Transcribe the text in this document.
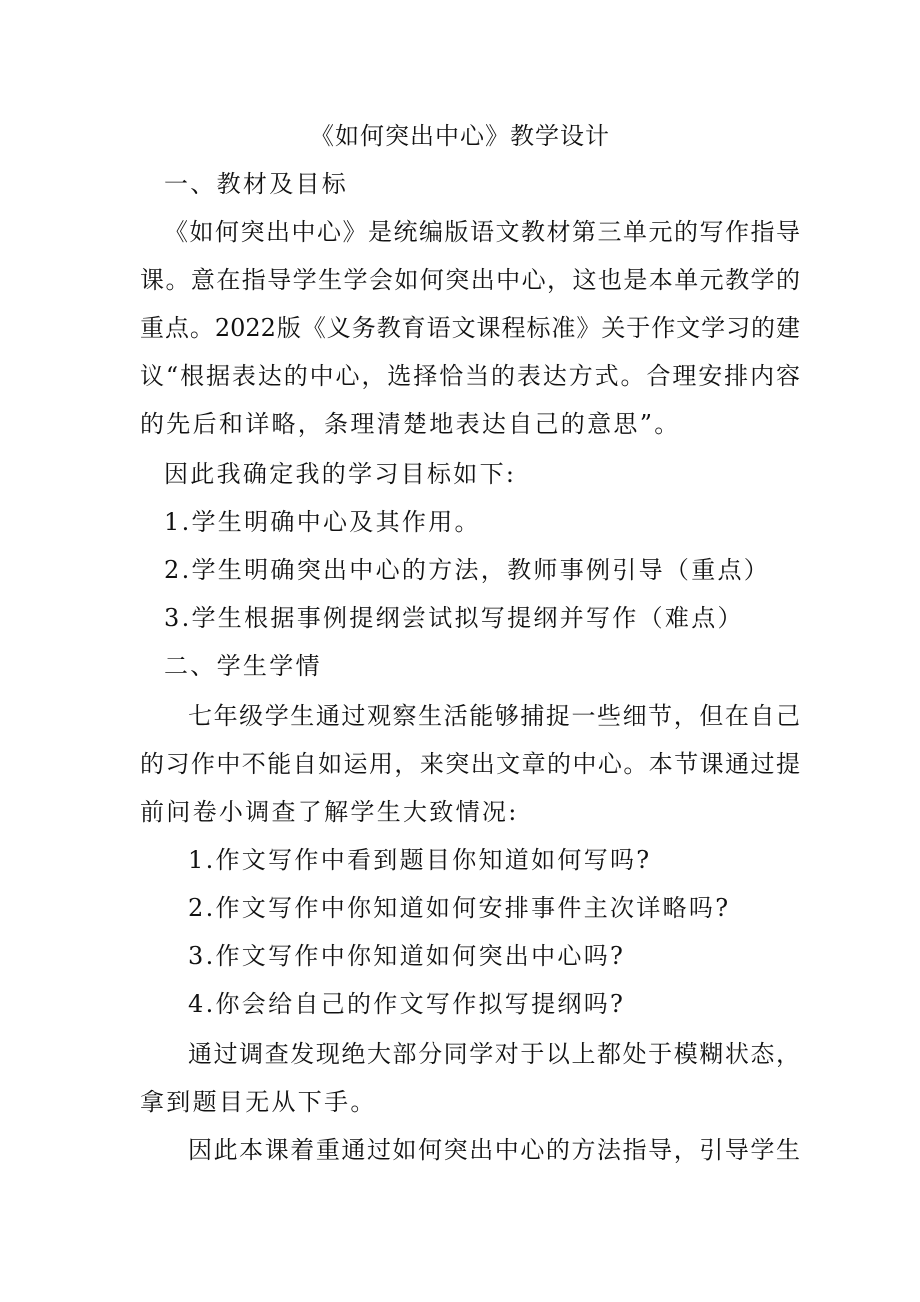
《如何突出中心》教学设计
一、教材及目标
《如何突出中心》是统编版语文教材第三单元的写作指导
课。意在指导学生学会如何突出中心，这也是本单元教学的
重点。2022版《义务教育语文课程标准》关于作文学习的建
议“根据表达的中心，选择恰当的表达方式。合理安排内容
的先后和详略，条理清楚地表达自己的意思”。
因此我确定我的学习目标如下:
1.学生明确中心及其作用。
2.学生明确突出中心的方法，教师事例引导（重点）
3.学生根据事例提纲尝试拟写提纲并写作（难点）
二、学生学情
七年级学生通过观察生活能够捕捉一些细节，但在自己
的习作中不能自如运用，来突出文章的中心。本节课通过提
前问卷小调查了解学生大致情况:
1.作文写作中看到题目你知道如何写吗?
2.作文写作中你知道如何安排事件主次详略吗?
3.作文写作中你知道如何突出中心吗?
4.你会给自己的作文写作拟写提纲吗?
通过调查发现绝大部分同学对于以上都处于模糊状态，
拿到题目无从下手。
因此本课着重通过如何突出中心的方法指导，引导学生
